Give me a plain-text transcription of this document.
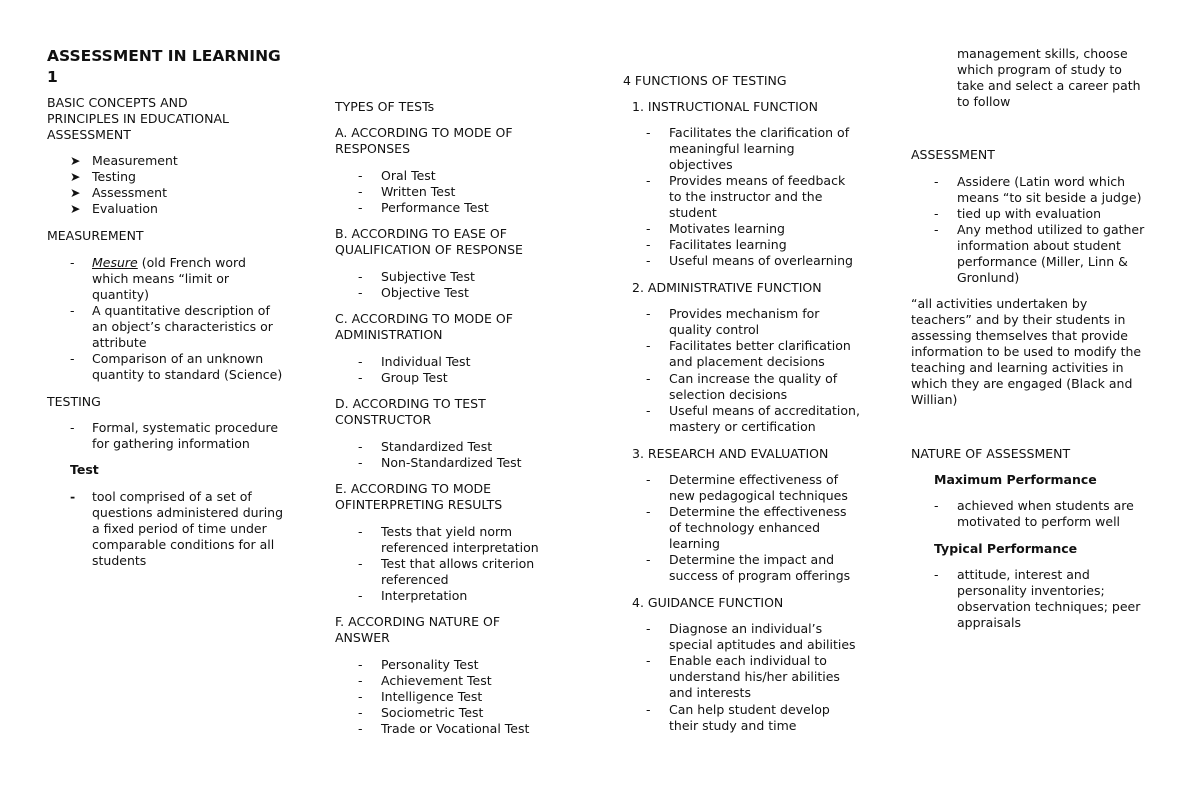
ASSESSMENT IN LEARNING
1
BASIC CONCEPTS AND
PRINCIPLES IN EDUCATIONAL
ASSESSMENT
➤ Measurement
➤ Testing
➤ Assessment
➤ Evaluation
MEASUREMENT
- Mesure (old French word
which means “limit or
quantity)
- A quantitative description of
an object’s characteristics or
attribute
- Comparison of an unknown
quantity to standard (Science)
TESTING
- Formal, systematic procedure
for gathering information
Test
- tool comprised of a set of
questions administered during
a fixed period of time under
comparable conditions for all
students
TYPES OF TESTs
A. ACCORDING TO MODE OF
RESPONSES
- Oral Test
- Written Test
- Performance Test
B. ACCORDING TO EASE OF
QUALIFICATION OF RESPONSE
- Subjective Test
- Objective Test
C. ACCORDING TO MODE OF
ADMINISTRATION
- Individual Test
- Group Test
D. ACCORDING TO TEST
CONSTRUCTOR
- Standardized Test
- Non-Standardized Test
E. ACCORDING TO MODE
OFINTERPRETING RESULTS
- Tests that yield norm
referenced interpretation
- Test that allows criterion
referenced
- Interpretation
F. ACCORDING NATURE OF
ANSWER
- Personality Test
- Achievement Test
- Intelligence Test
- Sociometric Test
- Trade or Vocational Test
4 FUNCTIONS OF TESTING
1. INSTRUCTIONAL FUNCTION
- Facilitates the clarification of
meaningful learning
objectives
- Provides means of feedback
to the instructor and the
student
- Motivates learning
- Facilitates learning
- Useful means of overlearning
2. ADMINISTRATIVE FUNCTION
- Provides mechanism for
quality control
- Facilitates better clarification
and placement decisions
- Can increase the quality of
selection decisions
- Useful means of accreditation,
mastery or certification
3. RESEARCH AND EVALUATION
- Determine effectiveness of
new pedagogical techniques
- Determine the effectiveness
of technology enhanced
learning
- Determine the impact and
success of program offerings
4. GUIDANCE FUNCTION
- Diagnose an individual’s
special aptitudes and abilities
- Enable each individual to
understand his/her abilities
and interests
- Can help student develop
their study and time
management skills, choose
which program of study to
take and select a career path
to follow
ASSESSMENT
- Assidere (Latin word which
means “to sit beside a judge)
- tied up with evaluation
- Any method utilized to gather
information about student
performance (Miller, Linn &
Gronlund)
“all activities undertaken by
teachers” and by their students in
assessing themselves that provide
information to be used to modify the
teaching and learning activities in
which they are engaged (Black and
Willian)
NATURE OF ASSESSMENT
Maximum Performance
- achieved when students are
motivated to perform well
Typical Performance
- attitude, interest and
personality inventories;
observation techniques; peer
appraisals
